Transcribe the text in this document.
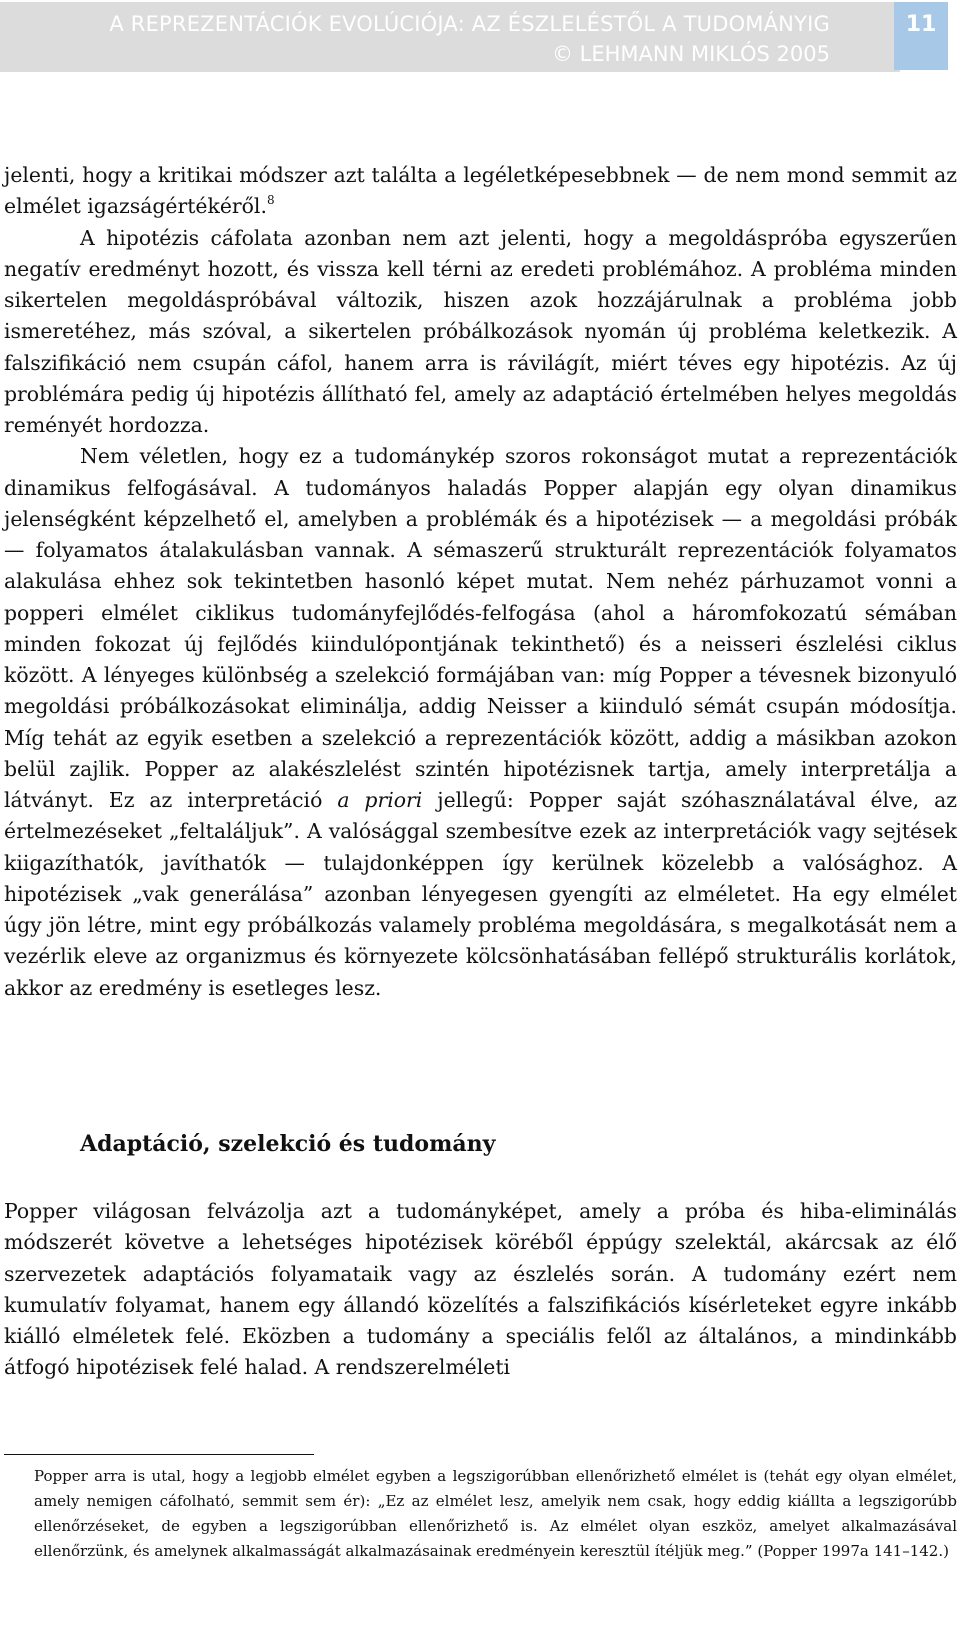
A REPREZENTÁCIÓK EVOLÚCIÓJA: AZ ÉSZLELÉSTŐL A TUDOMÁNYIG
© LEHMANN MIKLÓS 2005
11

jelenti, hogy a kritikai módszer azt találta a legéletképesebbnek — de nem mond semmit az elmélet igazságértékéről.$^8$

A hipotézis cáfolata azonban nem azt jelenti, hogy a megoldáspróba egyszerűen negatív eredményt hozott, és vissza kell térni az eredeti problémához. A probléma minden sikertelen megoldáspróbával változik, hiszen azok hozzájárulnak a probléma jobb ismeretéhez, más szóval, a sikertelen próbálkozások nyomán új probléma keletkezik. A falszifikáció nem csupán cáfol, hanem arra is rávilágít, miért téves egy hipotézis. Az új problémára pedig új hipotézis állítható fel, amely az adaptáció értelmében helyes megoldás reményét hordozza.

Nem véletlen, hogy ez a tudománykép szoros rokonságot mutat a reprezentációk dinamikus felfogásával. A tudományos haladás Popper alapján egy olyan dinamikus jelenségként képzelhető el, amelyben a problémák és a hipotézisek — a megoldási próbák — folyamatos átalakulásban vannak. A sémaszerű strukturált reprezentációk folyamatos alakulása ehhez sok tekintetben hasonló képet mutat. Nem nehéz párhuzamot vonni a popperi elmélet ciklikus tudományfejlődés-felfogása (ahol a háromfokozatú sémában minden fokozat új fejlődés kiindulópontjának tekinthető) és a neisseri észlelési ciklus között. A lényeges különbség a szelekció formájában van: míg Popper a tévesnek bizonyuló megoldási próbálkozásokat eliminálja, addig Neisser a kiinduló sémát csupán módosítja. Míg tehát az egyik esetben a szelekció a reprezentációk között, addig a másikban azokon belül zajlik. Popper az alakészlelést szintén hipotézisnek tartja, amely interpretálja a látványt. Ez az interpretáció a priori jellegű: Popper saját szóhasználatával élve, az értelmezéseket „feltaláljuk”. A valósággal szembesítve ezek az interpretációk vagy sejtések kiigazíthatók, javíthatók — tulajdonképpen így kerülnek közelebb a valósághoz. A hipotézisek „vak generálása” azonban lényegesen gyengíti az elméletet. Ha egy elmélet úgy jön létre, mint egy próbálkozás valamely probléma megoldására, s megalkotását nem a vezérlik eleve az organizmus és környezete kölcsönhatásában fellépő strukturális korlátok, akkor az eredmény is esetleges lesz.

Adaptáció, szelekció és tudomány

Popper világosan felvázolja azt a tudományképet, amely a próba és hiba-eliminálás módszerét követve a lehetséges hipotézisek köréből éppúgy szelektál, akárcsak az élő szervezetek adaptációs folyamataik vagy az észlelés során. A tudomány ezért nem kumulatív folyamat, hanem egy állandó közelítés a falszifikációs kísérleteket egyre inkább kiálló elméletek felé. Eközben a tudomány a speciális felől az általános, a mindinkább átfogó hipotézisek felé halad. A rendszerelméleti

Popper arra is utal, hogy a legjobb elmélet egyben a legszigorúbban ellenőrizhető elmélet is (tehát egy olyan elmélet, amely nemigen cáfolható, semmit sem ér): „Ez az elmélet lesz, amelyik nem csak, hogy eddig kiállta a legszigorúbb ellenőrzéseket, de egyben a legszigorúbban ellenőrizhető is. Az elmélet olyan eszköz, amelyet alkalmazásával ellenőrzünk, és amelynek alkalmasságát alkalmazásainak eredményein keresztül ítéljük meg.” (Popper 1997a 141–142.)
